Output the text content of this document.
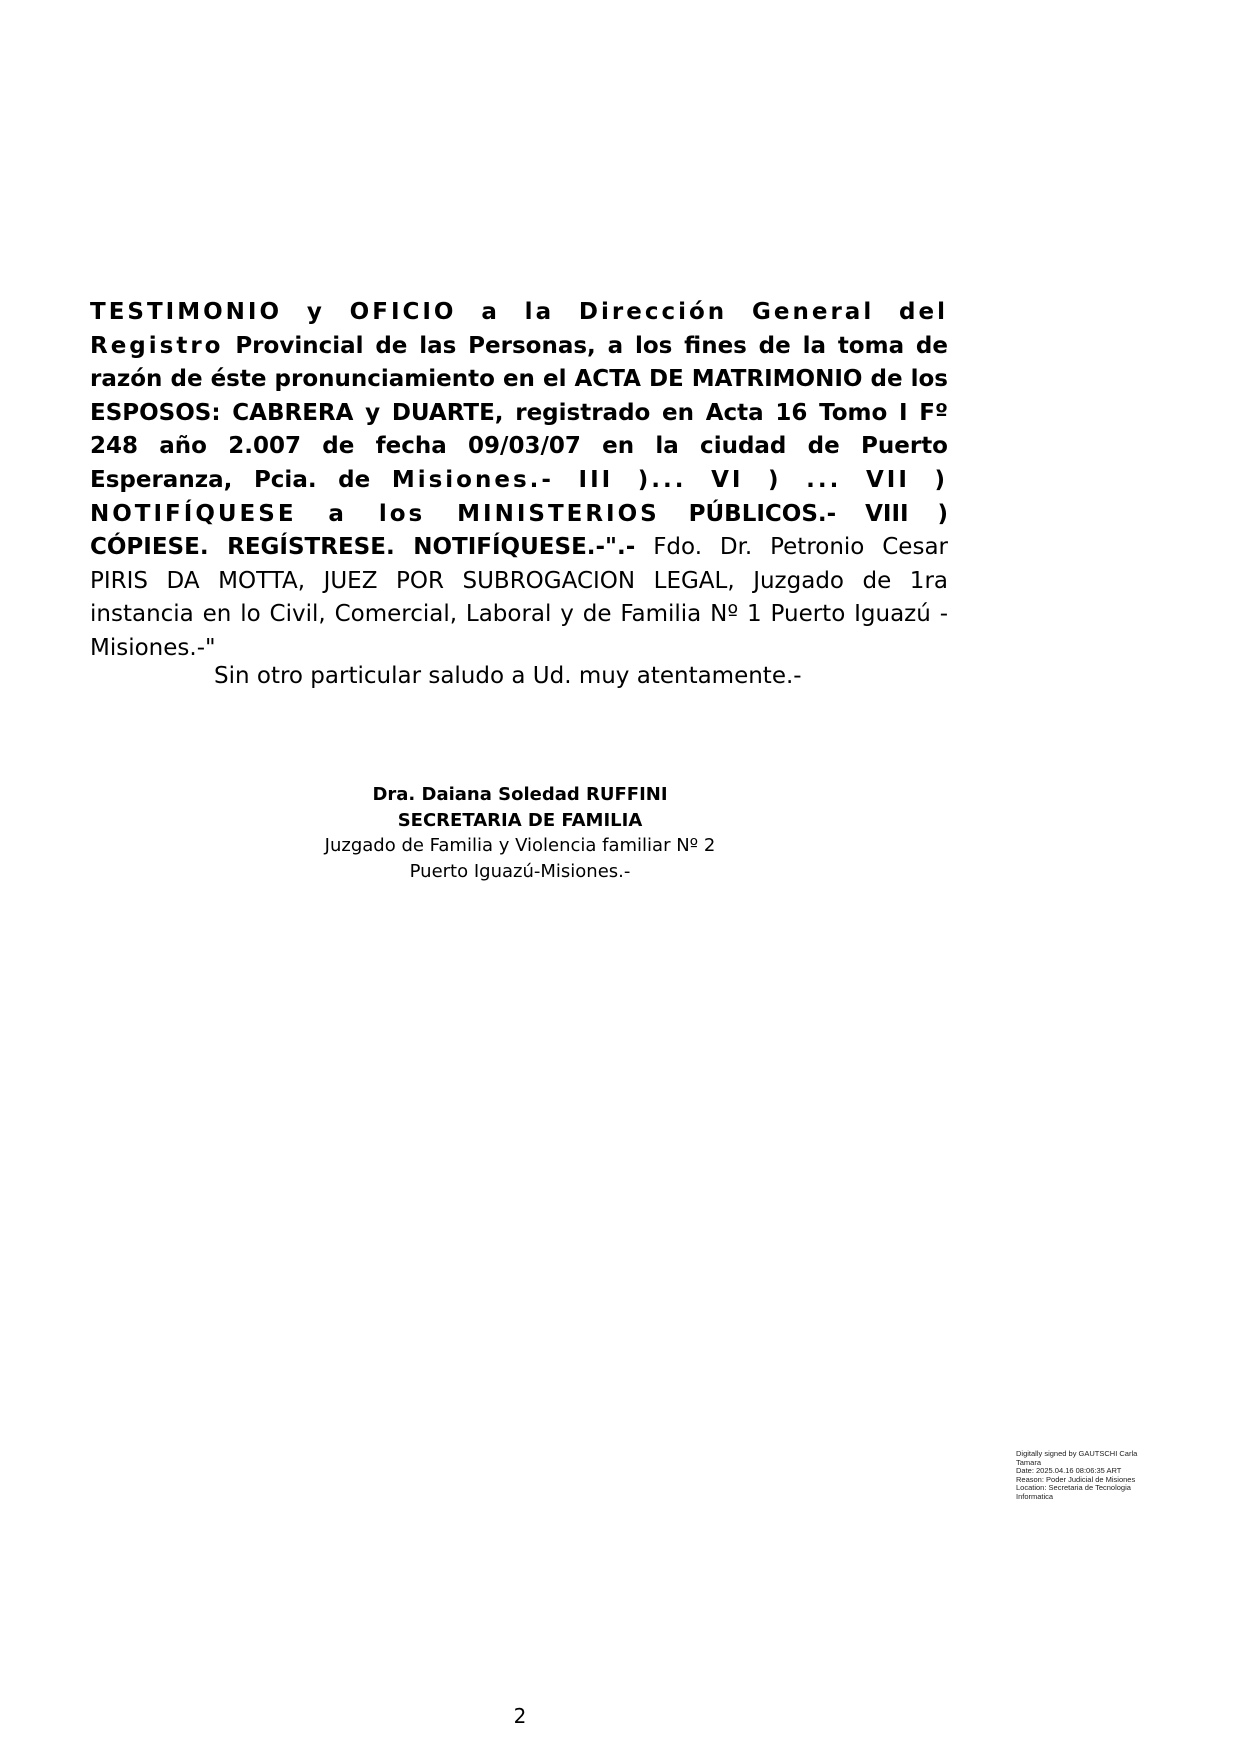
TESTIMONIO y OFICIO a la Dirección General del Registro Provincial de las Personas, a los fines de la toma de razón de éste pronunciamiento en el ACTA DE MATRIMONIO de los ESPOSOS: CABRERA y DUARTE, registrado en Acta 16 Tomo I Fº 248 año 2.007 de fecha 09/03/07 en la ciudad de Puerto Esperanza, Pcia. de Misiones.- III )... VI ) ... VII ) NOTIFÍQUESE a los MINISTERIOS PÚBLICOS.- VIII ) CÓPIESE. REGÍSTRESE. NOTIFÍQUESE.-".- Fdo. Dr. Petronio Cesar PIRIS DA MOTTA, JUEZ POR SUBROGACION LEGAL, Juzgado de 1ra instancia en lo Civil, Comercial, Laboral y de Familia Nº 1 Puerto Iguazú - Misiones.-"

Sin otro particular saludo a Ud. muy atentamente.-

Dra. Daiana Soledad RUFFINI
SECRETARIA DE FAMILIA
Juzgado de Familia y Violencia familiar Nº 2
Puerto Iguazú-Misiones.-
Digitally signed by GAUTSCHI Carla
Tamara
Date: 2025.04.16 08:06:35 ART
Reason: Poder Judicial de Misiones
Location: Secretaria de Tecnologia
Informatica
2
